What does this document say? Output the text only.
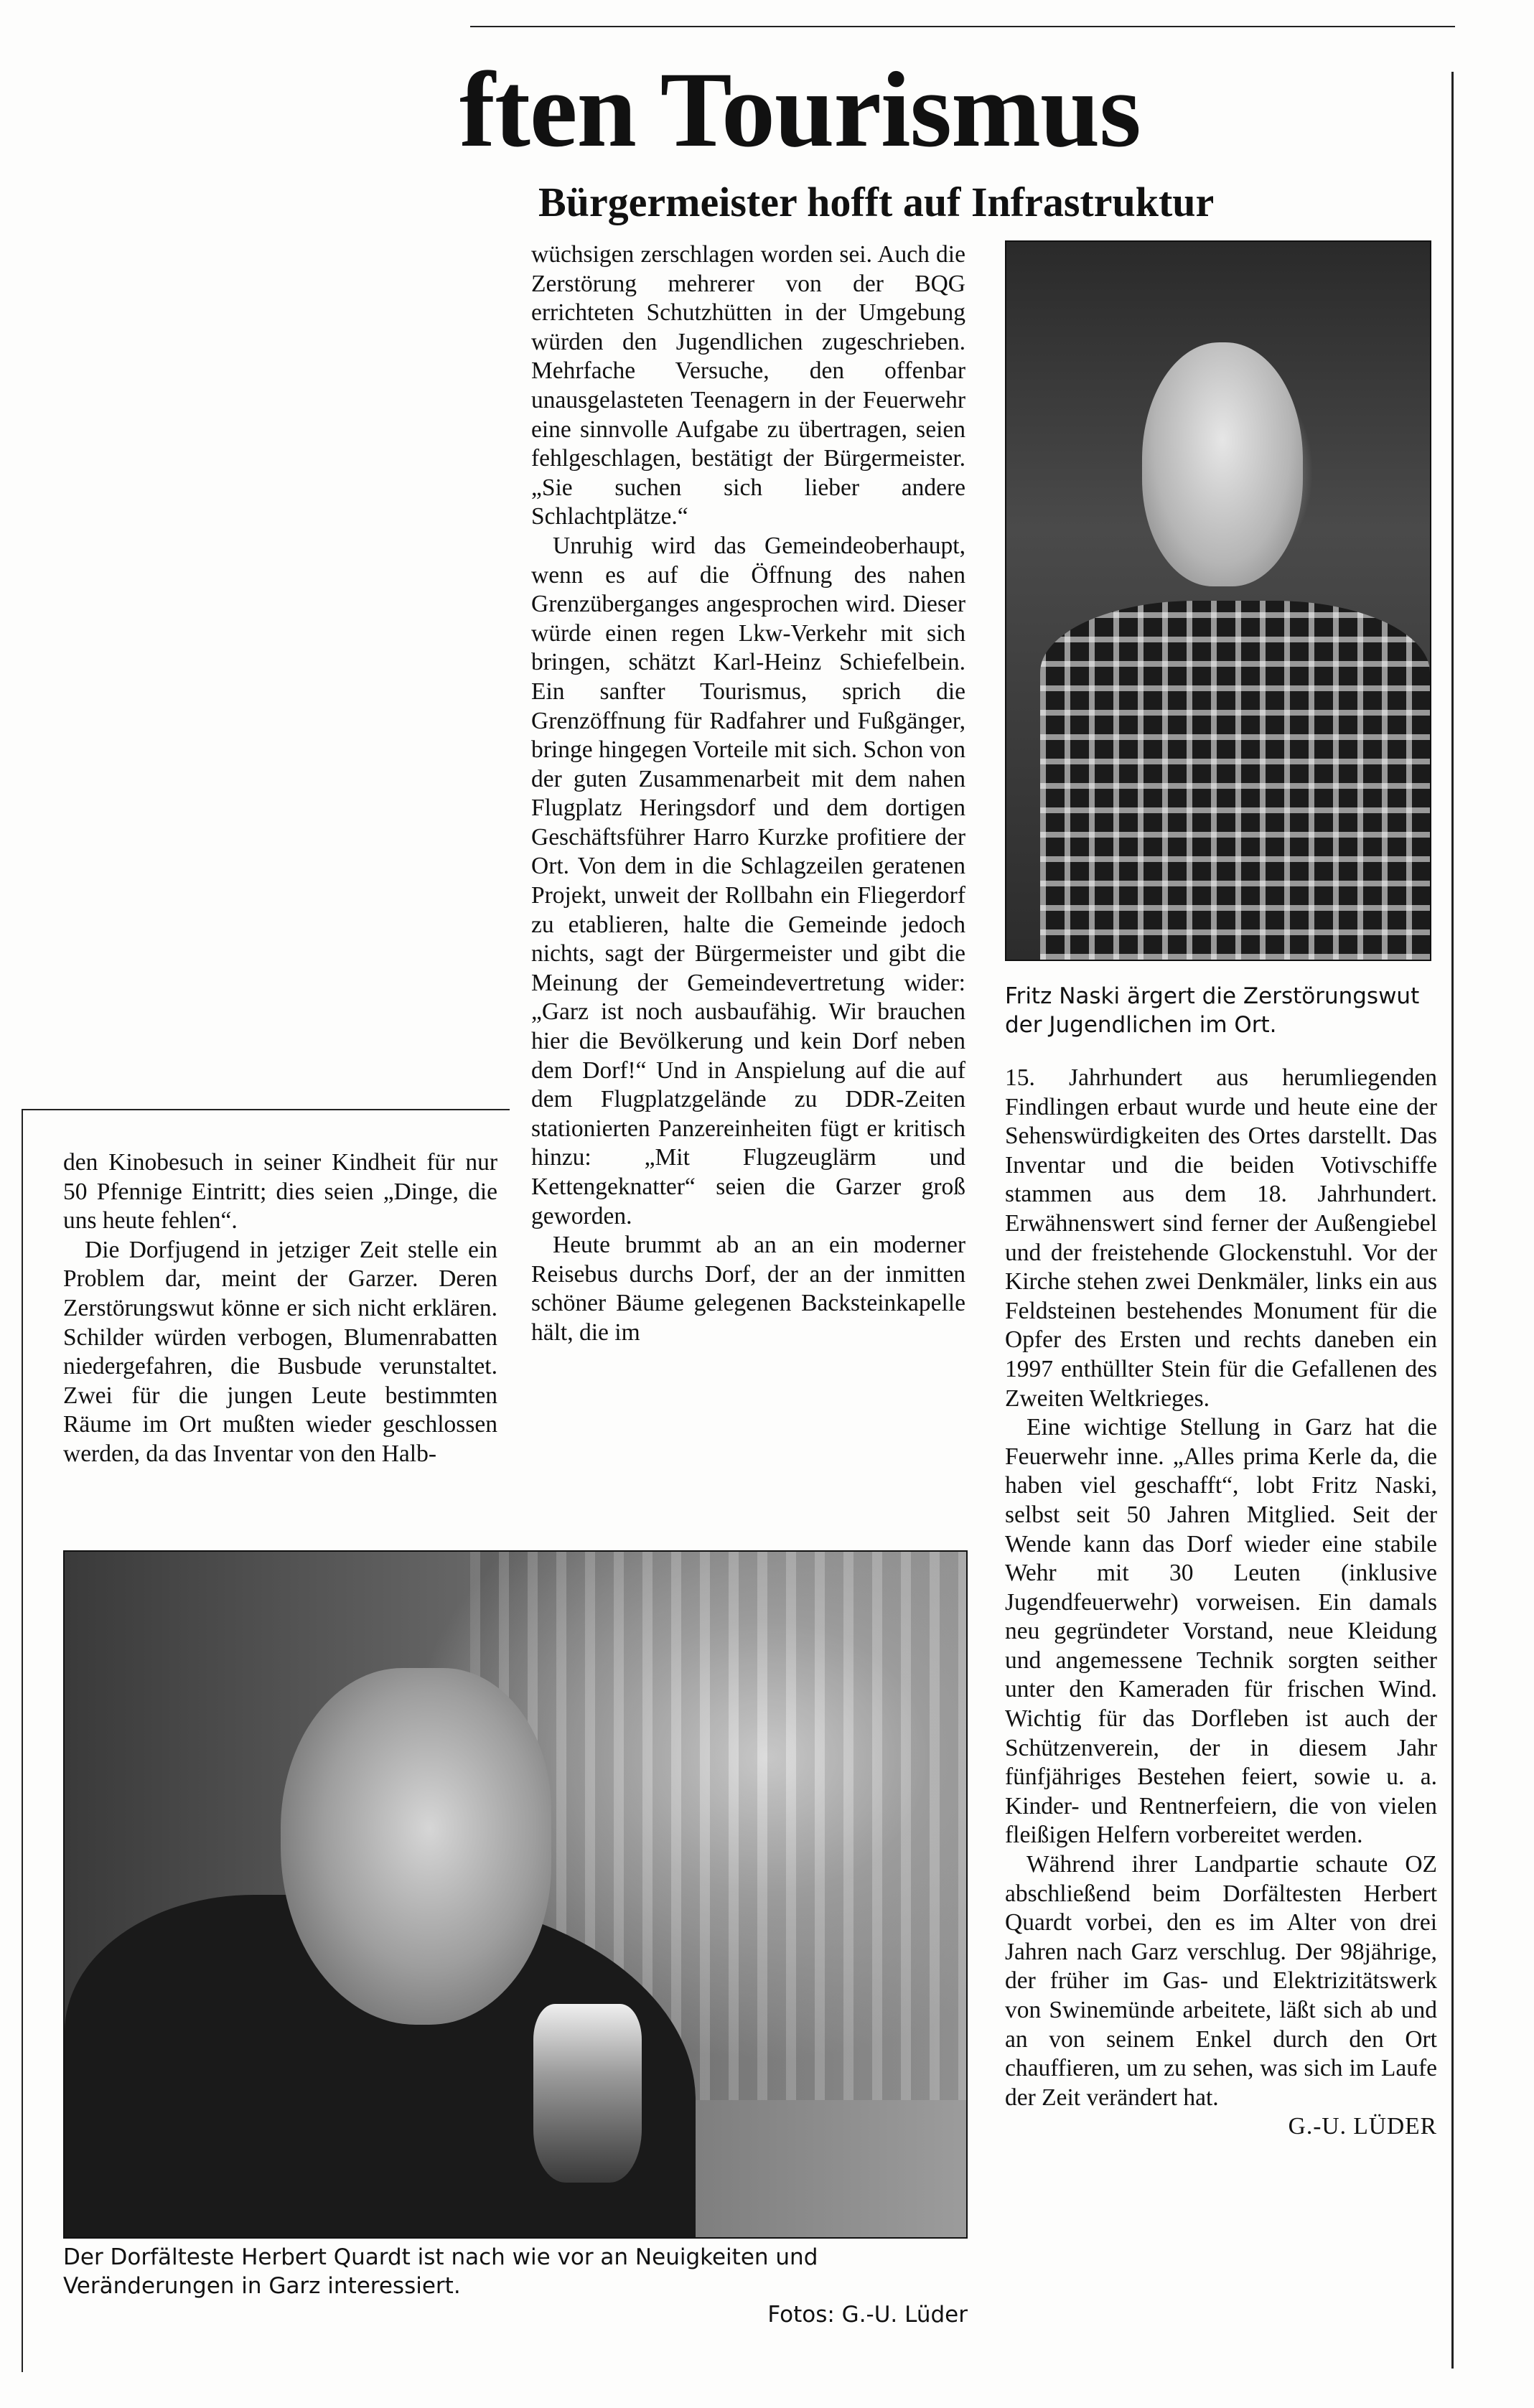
ften Tourismus
Bürgermeister hofft auf Infrastruktur

wüchsigen zerschlagen worden sei. Auch die Zerstörung mehrerer von der BQG errichteten Schutzhütten in der Umgebung würden den Jugendlichen zugeschrieben. Mehrfache Versuche, den offenbar unausgelasteten Teenagern in der Feuerwehr eine sinnvolle Aufgabe zu übertragen, seien fehlgeschlagen, bestätigt der Bürgermeister. „Sie suchen sich lieber andere Schlachtplätze.“

Unruhig wird das Gemeindeoberhaupt, wenn es auf die Öffnung des nahen Grenzüberganges angesprochen wird. Dieser würde einen regen Lkw-Verkehr mit sich bringen, schätzt Karl-Heinz Schiefelbein. Ein sanfter Tourismus, sprich die Grenzöffnung für Radfahrer und Fußgänger, bringe hingegen Vorteile mit sich. Schon von der guten Zusammenarbeit mit dem nahen Flugplatz Heringsdorf und dem dortigen Geschäftsführer Harro Kurzke profitiere der Ort. Von dem in die Schlagzeilen geratenen Projekt, unweit der Rollbahn ein Fliegerdorf zu etablieren, halte die Gemeinde jedoch nichts, sagt der Bürgermeister und gibt die Meinung der Gemeindevertretung wider: „Garz ist noch ausbaufähig. Wir brauchen hier die Bevölkerung und kein Dorf neben dem Dorf!“ Und in Anspielung auf die auf dem Flugplatzgelände zu DDR-Zeiten stationierten Panzereinheiten fügt er kritisch hinzu: „Mit Flugzeuglärm und Kettengeknatter“ seien die Garzer groß geworden.

Heute brummt ab an an ein moderner Reisebus durchs Dorf, der an der inmitten schöner Bäume gelegenen Backsteinkapelle hält, die im

Fritz Naski ärgert die Zerstörungswut der Jugendlichen im Ort.

den Kinobesuch in seiner Kindheit für nur 50 Pfennige Eintritt; dies seien „Dinge, die uns heute fehlen“.

Die Dorfjugend in jetziger Zeit stelle ein Problem dar, meint der Garzer. Deren Zerstörungswut könne er sich nicht erklären. Schilder würden verbogen, Blumenrabatten niedergefahren, die Busbude verunstaltet. Zwei für die jungen Leute bestimmten Räume im Ort mußten wieder geschlossen werden, da das Inventar von den Halb-

15. Jahrhundert aus herumliegenden Findlingen erbaut wurde und heute eine der Sehenswürdigkeiten des Ortes darstellt. Das Inventar und die beiden Votivschiffe stammen aus dem 18. Jahrhundert. Erwähnenswert sind ferner der Außengiebel und der freistehende Glockenstuhl. Vor der Kirche stehen zwei Denkmäler, links ein aus Feldsteinen bestehendes Monument für die Opfer des Ersten und rechts daneben ein 1997 enthüllter Stein für die Gefallenen des Zweiten Weltkrieges.

Eine wichtige Stellung in Garz hat die Feuerwehr inne. „Alles prima Kerle da, die haben viel geschafft“, lobt Fritz Naski, selbst seit 50 Jahren Mitglied. Seit der Wende kann das Dorf wieder eine stabile Wehr mit 30 Leuten (inklusive Jugendfeuerwehr) vorweisen. Ein damals neu gegründeter Vorstand, neue Kleidung und angemessene Technik sorgten seither unter den Kameraden für frischen Wind. Wichtig für das Dorfleben ist auch der Schützenverein, der in diesem Jahr fünfjähriges Bestehen feiert, sowie u. a. Kinder- und Rentnerfeiern, die von vielen fleißigen Helfern vorbereitet werden.

Während ihrer Landpartie schaute OZ abschließend beim Dorfältesten Herbert Quardt vorbei, den es im Alter von drei Jahren nach Garz verschlug. Der 98jährige, der früher im Gas- und Elektrizitätswerk von Swinemünde arbeitete, läßt sich ab und an von seinem Enkel durch den Ort chauffieren, um zu sehen, was sich im Laufe der Zeit verändert hat.

G.-U. LÜDER
Der Dorfälteste Herbert Quardt ist nach wie vor an Neuigkeiten und Veränderungen in Garz interessiert.
Fotos: G.-U. Lüder
